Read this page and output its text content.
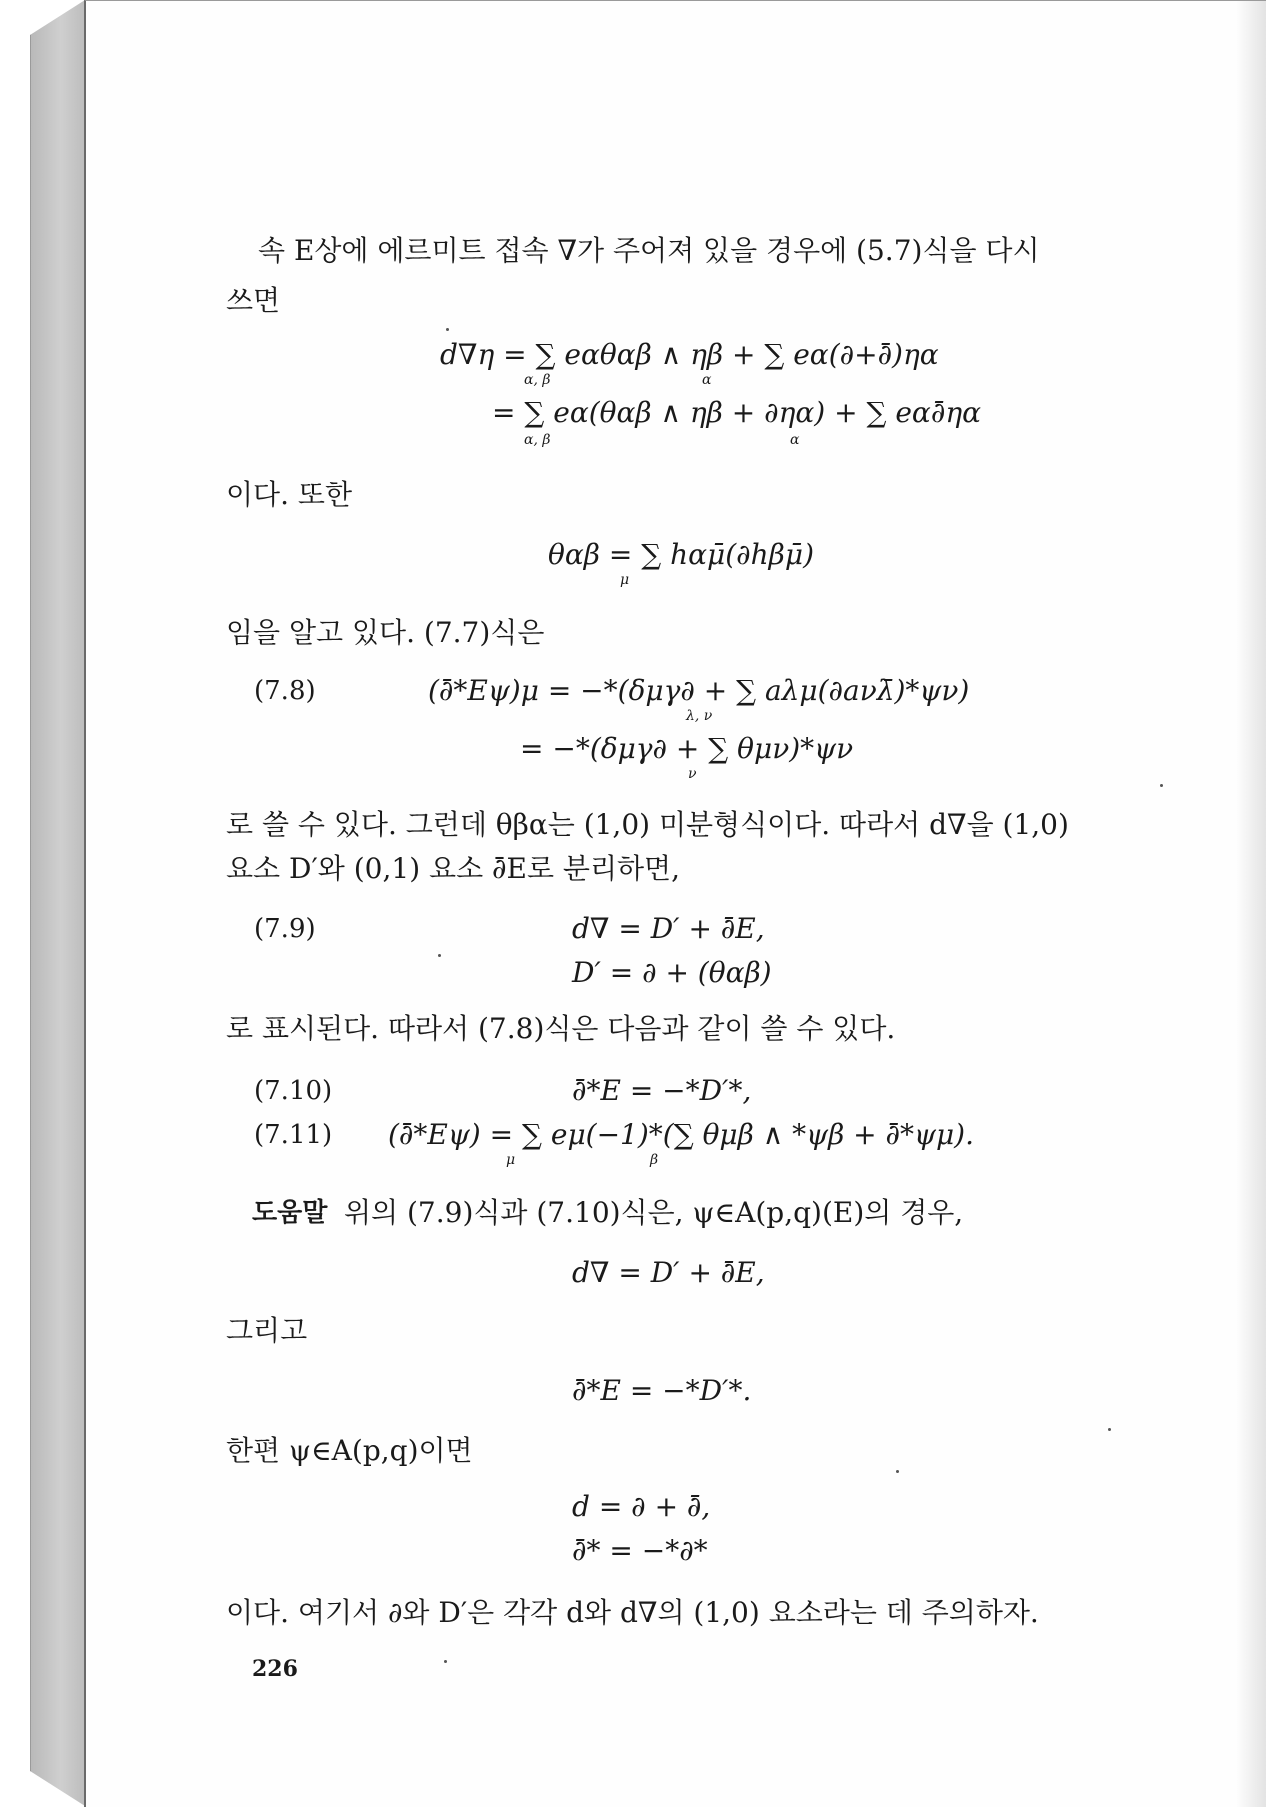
속 E상에 에르미트 접속 ∇가 주어져 있을 경우에 (5.7)식을 다시
쓰면
d∇η = ∑ eαθαβ ∧ ηβ + ∑ eα(∂+∂̄)ηα
α, β	α
= ∑ eα(θαβ ∧ ηβ + ∂ηα) + ∑ eα∂̄ηα
α, β	α
이다. 또한
θαβ = ∑ hαμ̄(∂hβμ̄)
μ
임을 알고 있다. (7.7)식은
(7.8)	(∂̄*Eψ)μ = −*(δμγ∂ + ∑ aλμ(∂aνλ̄)*ψν)
λ, ν
= −*(δμγ∂ + ∑ θμν)*ψν
ν
로 쓸 수 있다. 그런데 θβα는 (1,0) 미분형식이다. 따라서 d∇을 (1,0)
요소 D′와 (0,1) 요소 ∂̄E로 분리하면,
(7.9)	d∇ = D′ + ∂̄E,
D′ = ∂ + (θαβ)
로 표시된다. 따라서 (7.8)식은 다음과 같이 쓸 수 있다.
(7.10)	∂̄*E = −*D′*,
(7.11) (∂̄*Eψ) = ∑ eμ(−1)*(∑ θμβ ∧ *ψβ + ∂̄*ψμ).
μ	β
도움말 위의 (7.9)식과 (7.10)식은, ψ∈A(p,q)(E)의 경우,
d∇ = D′ + ∂̄E,
그리고
∂̄*E = −*D′*.
한편 ψ∈A(p,q)이면
d = ∂ + ∂̄,
∂̄* = −*∂*
이다. 여기서 ∂와 D′은 각각 d와 d∇의 (1,0) 요소라는 데 주의하자.
226
